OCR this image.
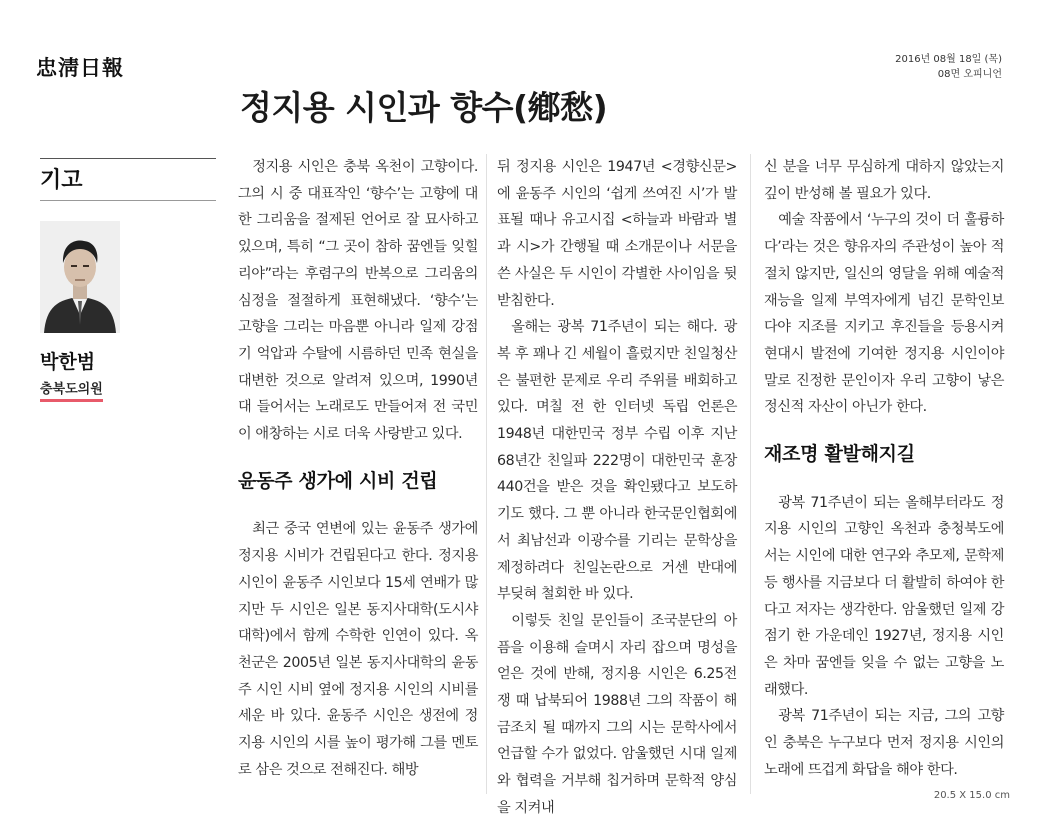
忠淸日報	2016년 08월 18일 (목)
08면 오피니언
정지용 시인과 향수(鄕愁)
기고
박한범
충북도의원

정지용 시인은 충북 옥천이 고향이다. 그의 시 중 대표작인 ‘향수’는 고향에 대한 그리움을 절제된 언어로 잘 묘사하고 있으며, 특히 “그 곳이 참하 꿈엔들 잊힐리야”라는 후렴구의 반복으로 그리움의 심정을 절절하게 표현해냈다. ‘향수’는 고향을 그리는 마음뿐 아니라 일제 강점기 억압과 수탈에 시름하던 민족 현실을 대변한 것으로 알려져 있으며, 1990년대 들어서는 노래로도 만들어져 전 국민이 애창하는 시로 더욱 사랑받고 있다.

윤동주 생가에 시비 건립

최근 중국 연변에 있는 윤동주 생가에 정지용 시비가 건립된다고 한다. 정지용 시인이 윤동주 시인보다 15세 연배가 많지만 두 시인은 일본 동지사대학(도시샤 대학)에서 함께 수학한 인연이 있다. 옥천군은 2005년 일본 동지사대학의 윤동주 시인 시비 옆에 정지용 시인의 시비를 세운 바 있다. 윤동주 시인은 생전에 정지용 시인의 시를 높이 평가해 그를 멘토로 삼은 것으로 전해진다. 해방

뒤 정지용 시인은 1947년 <경향신문>에 윤동주 시인의 ‘쉽게 쓰여진 시’가 발표될 때나 유고시집 <하늘과 바람과 별과 시>가 간행될 때 소개문이나 서문을 쓴 사실은 두 시인이 각별한 사이임을 뒷받침한다.

올해는 광복 71주년이 되는 해다. 광복 후 꽤나 긴 세월이 흘렀지만 친일청산은 불편한 문제로 우리 주위를 배회하고 있다. 며칠 전 한 인터넷 독립 언론은 1948년 대한민국 정부 수립 이후 지난 68년간 친일파 222명이 대한민국 훈장 440건을 받은 것을 확인됐다고 보도하기도 했다. 그 뿐 아니라 한국문인협회에서 최남선과 이광수를 기리는 문학상을 제정하려다 친일논란으로 거센 반대에 부딪혀 철회한 바 있다.

이렇듯 친일 문인들이 조국분단의 아픔을 이용해 슬며시 자리 잡으며 명성을 얻은 것에 반해, 정지용 시인은 6.25전쟁 때 납북되어 1988년 그의 작품이 해금조치 될 때까지 그의 시는 문학사에서 언급할 수가 없었다. 암울했던 시대 일제와 협력을 거부해 칩거하며 문학적 양심을 지켜내

신 분을 너무 무심하게 대하지 않았는지 깊이 반성해 볼 필요가 있다.

예술 작품에서 ‘누구의 것이 더 훌륭하다’라는 것은 향유자의 주관성이 높아 적절치 않지만, 일신의 영달을 위해 예술적 재능을 일제 부역자에게 넘긴 문학인보다야 지조를 지키고 후진들을 등용시켜 현대시 발전에 기여한 정지용 시인이야말로 진정한 문인이자 우리 고향이 낳은 정신적 자산이 아닌가 한다.

재조명 활발해지길

광복 71주년이 되는 올해부터라도 정지용 시인의 고향인 옥천과 충청북도에서는 시인에 대한 연구와 추모제, 문학제 등 행사를 지금보다 더 활발히 하여야 한다고 저자는 생각한다. 암울했던 일제 강점기 한 가운데인 1927년, 정지용 시인은 차마 꿈엔들 잊을 수 없는 고향을 노래했다.

광복 71주년이 되는 지금, 그의 고향인 충북은 누구보다 먼저 정지용 시인의 노래에 뜨겁게 화답을 해야 한다.

20.5 X 15.0 cm
